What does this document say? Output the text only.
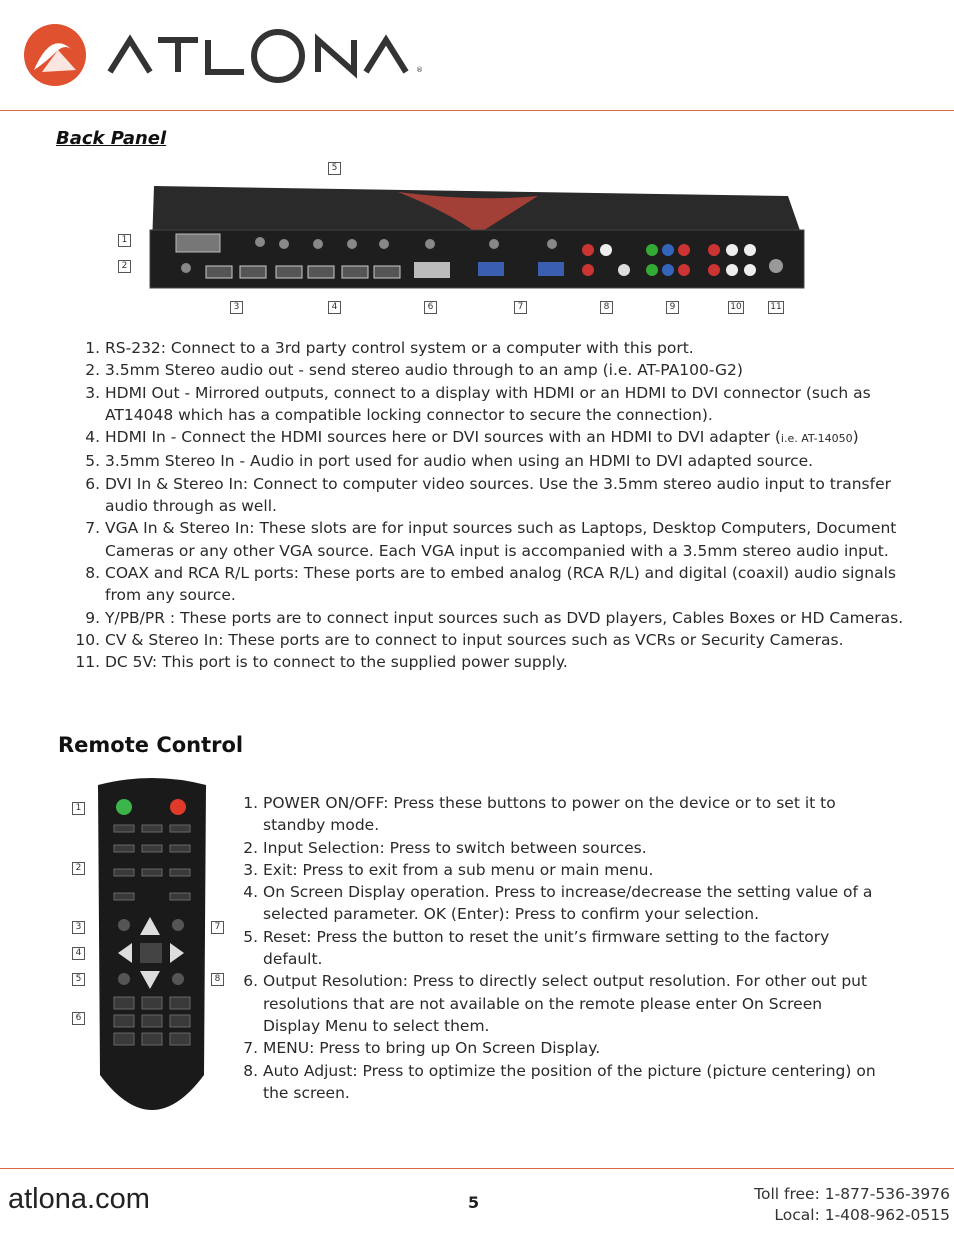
®
Back Panel
5
1
2
3	4	6	7	8	9	10	11
1. RS-232: Connect to a 3rd party control system or a computer with this port.
2. 3.5mm Stereo audio out - send stereo audio through to an amp (i.e. AT-PA100-G2)
3. HDMI Out - Mirrored outputs, connect to a display with HDMI or an HDMI to DVI connector (such as AT14048 which has a compatible locking connector to secure the connection).
4. HDMI In - Connect the HDMI sources here or DVI sources with an HDMI to DVI adapter (i.e. AT-14050)
5. 3.5mm Stereo In - Audio in port used for audio when using an HDMI to DVI adapted source.
6. DVI In & Stereo In: Connect to computer video sources. Use the 3.5mm stereo audio input to transfer audio through as well.
7. VGA In & Stereo In: These slots are for input sources such as Laptops, Desktop Computers, Document Cameras or any other VGA source. Each VGA input is accompanied with a 3.5mm stereo audio input.
8. COAX and RCA R/L ports: These ports are to embed analog (RCA R/L) and digital (coaxil) audio signals from any source.
9. Y/PB/PR : These ports are to connect input sources such as DVD players, Cables Boxes or HD Cameras.
10. CV & Stereo In: These ports are to connect to input sources such as VCRs or Security Cameras.
11. DC 5V: This port is to connect to the supplied power supply.
Remote Control
1
2
3
4
5
6
7
8
1. POWER ON/OFF: Press these buttons to power on the device or to set it to standby mode.
2. Input Selection: Press to switch between sources.
3. Exit: Press to exit from a sub menu or main menu.
4. On Screen Display operation. Press to increase/decrease the setting value of a selected parameter. OK (Enter): Press to confirm your selection.
5. Reset: Press the button to reset the unit’s firmware setting to the factory default.
6. Output Resolution: Press to directly select output resolution. For other out put resolutions that are not available on the remote please enter On Screen Display Menu to select them.
7. MENU: Press to bring up On Screen Display.
8. Auto Adjust: Press to optimize the position of the picture (picture centering) on the screen.
atlona.com	5	Toll free: 1-877-536-3976
Local: 1-408-962-0515
